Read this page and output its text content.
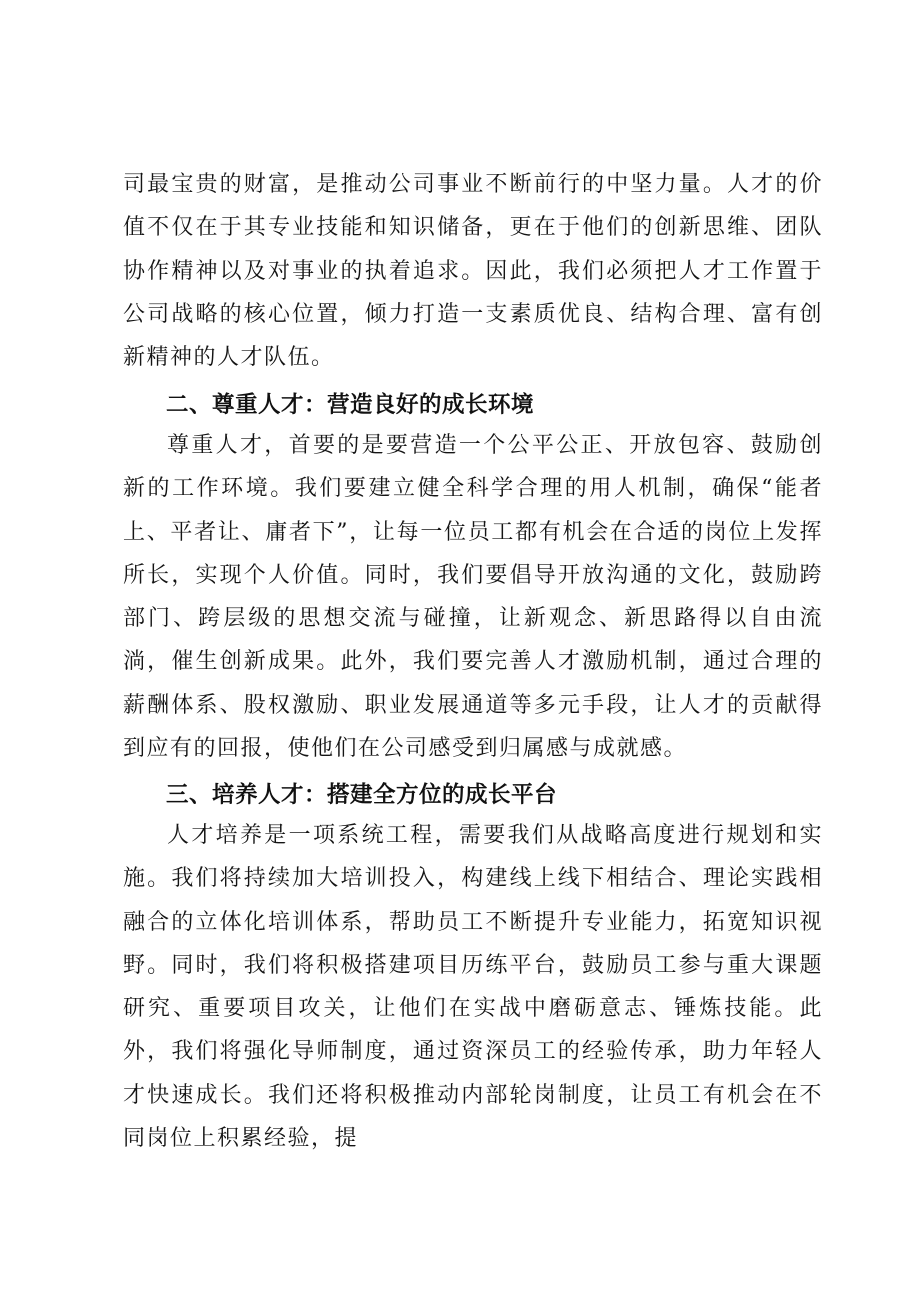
司最宝贵的财富，是推动公司事业不断前行的中坚力量。人才的价值不仅在于其专业技能和知识储备，更在于他们的创新思维、团队协作精神以及对事业的执着追求。因此，我们必须把人才工作置于公司战略的核心位置，倾力打造一支素质优良、结构合理、富有创新精神的人才队伍。

二、尊重人才：营造良好的成长环境

尊重人才，首要的是要营造一个公平公正、开放包容、鼓励创新的工作环境。我们要建立健全科学合理的用人机制，确保“能者上、平者让、庸者下”，让每一位员工都有机会在合适的岗位上发挥所长，实现个人价值。同时，我们要倡导开放沟通的文化，鼓励跨部门、跨层级的思想交流与碰撞，让新观念、新思路得以自由流淌，催生创新成果。此外，我们要完善人才激励机制，通过合理的薪酬体系、股权激励、职业发展通道等多元手段，让人才的贡献得到应有的回报，使他们在公司感受到归属感与成就感。

三、培养人才：搭建全方位的成长平台

人才培养是一项系统工程，需要我们从战略高度进行规划和实施。我们将持续加大培训投入，构建线上线下相结合、理论实践相融合的立体化培训体系，帮助员工不断提升专业能力，拓宽知识视野。同时，我们将积极搭建项目历练平台，鼓励员工参与重大课题研究、重要项目攻关，让他们在实战中磨砺意志、锤炼技能。此外，我们将强化导师制度，通过资深员工的经验传承，助力年轻人才快速成长。我们还将积极推动内部轮岗制度，让员工有机会在不同岗位上积累经验，提
